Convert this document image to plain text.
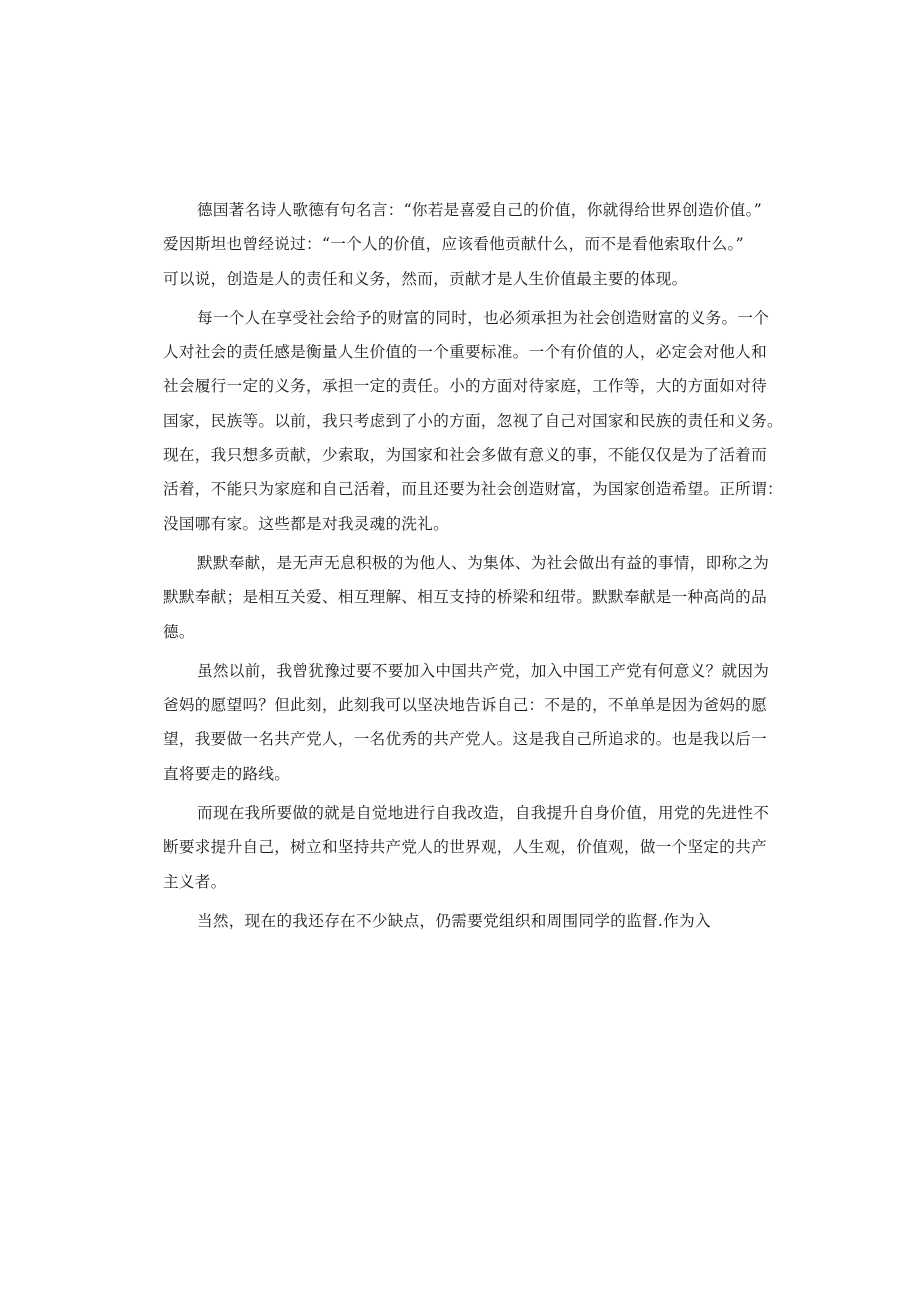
德国著名诗人歌德有句名言：“你若是喜爱自己的价值，你就得给世界创造价值。”
爱因斯坦也曾经说过：“一个人的价值，应该看他贡献什么，而不是看他索取什么。”
可以说，创造是人的责任和义务，然而，贡献才是人生价值最主要的体现。

每一个人在享受社会给予的财富的同时，也必须承担为社会创造财富的义务。一个
人对社会的责任感是衡量人生价值的一个重要标准。一个有价值的人，必定会对他人和
社会履行一定的义务，承担一定的责任。小的方面对待家庭，工作等，大的方面如对待
国家，民族等。以前，我只考虑到了小的方面，忽视了自己对国家和民族的责任和义务。
现在，我只想多贡献，少索取，为国家和社会多做有意义的事，不能仅仅是为了活着而
活着，不能只为家庭和自己活着，而且还要为社会创造财富，为国家创造希望。正所谓：
没国哪有家。这些都是对我灵魂的洗礼。

默默奉献，是无声无息积极的为他人、为集体、为社会做出有益的事情，即称之为
默默奉献；是相互关爱、相互理解、相互支持的桥梁和纽带。默默奉献是一种高尚的品
德。

虽然以前，我曾犹豫过要不要加入中国共产党，加入中国工产党有何意义？就因为
爸妈的愿望吗？但此刻，此刻我可以坚决地告诉自己：不是的，不单单是因为爸妈的愿
望，我要做一名共产党人，一名优秀的共产党人。这是我自己所追求的。也是我以后一
直将要走的路线。

而现在我所要做的就是自觉地进行自我改造，自我提升自身价值，用党的先进性不
断要求提升自己，树立和坚持共产党人的世界观，人生观，价值观，做一个坚定的共产
主义者。

当然，现在的我还存在不少缺点，仍需要党组织和周围同学的监督.作为入
